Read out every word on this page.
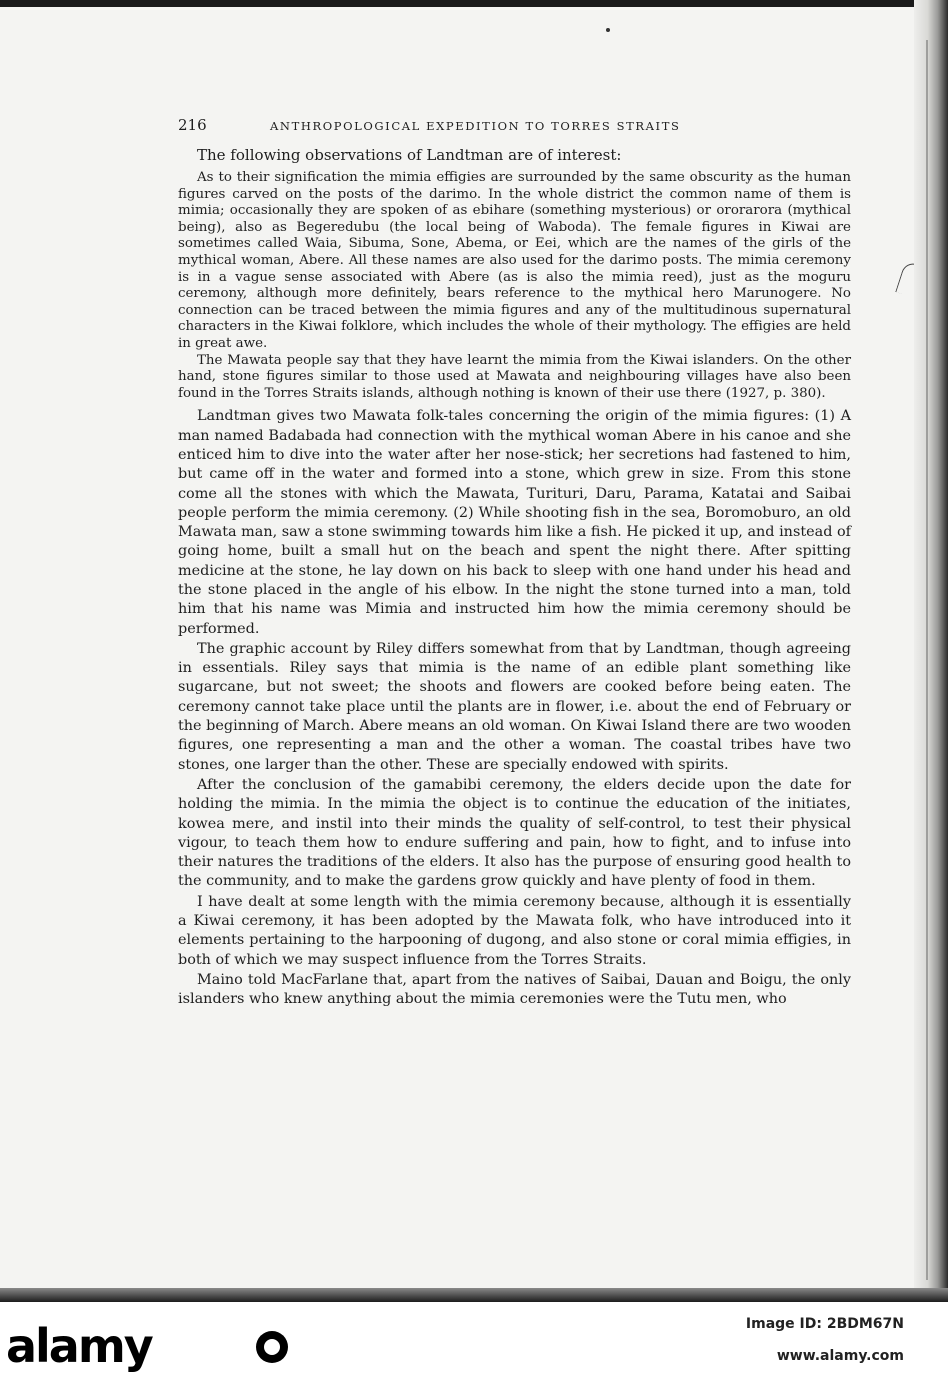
216	ANTHROPOLOGICAL EXPEDITION TO TORRES STRAITS
The following observations of Landtman are of interest:

As to their signification the mimia effigies are surrounded by the same obscurity as the human figures carved on the posts of the darimo. In the whole district the common name of them is mimia; occasionally they are spoken of as ebihare (something mysterious) or ororarora (mythical being), also as Begeredubu (the local being of Waboda). The female figures in Kiwai are sometimes called Waia, Sibuma, Sone, Abema, or Eei, which are the names of the girls of the mythical woman, Abere. All these names are also used for the darimo posts. The mimia ceremony is in a vague sense associated with Abere (as is also the mimia reed), just as the moguru ceremony, although more definitely, bears reference to the mythical hero Marunogere. No connection can be traced between the mimia figures and any of the multitudinous supernatural characters in the Kiwai folklore, which includes the whole of their mythology. The effigies are held in great awe.

The Mawata people say that they have learnt the mimia from the Kiwai islanders. On the other hand, stone figures similar to those used at Mawata and neighbouring villages have also been found in the Torres Straits islands, although nothing is known of their use there (1927, p. 380).

Landtman gives two Mawata folk-tales concerning the origin of the mimia figures: (1) A man named Badabada had connection with the mythical woman Abere in his canoe and she enticed him to dive into the water after her nose-stick; her secretions had fastened to him, but came off in the water and formed into a stone, which grew in size. From this stone come all the stones with which the Mawata, Turituri, Daru, Parama, Katatai and Saibai people perform the mimia ceremony. (2) While shooting fish in the sea, Boromoburo, an old Mawata man, saw a stone swimming towards him like a fish. He picked it up, and instead of going home, built a small hut on the beach and spent the night there. After spitting medicine at the stone, he lay down on his back to sleep with one hand under his head and the stone placed in the angle of his elbow. In the night the stone turned into a man, told him that his name was Mimia and instructed him how the mimia ceremony should be performed.

The graphic account by Riley differs somewhat from that by Landtman, though agreeing in essentials. Riley says that mimia is the name of an edible plant something like sugarcane, but not sweet; the shoots and flowers are cooked before being eaten. The ceremony cannot take place until the plants are in flower, i.e. about the end of February or the beginning of March. Abere means an old woman. On Kiwai Island there are two wooden figures, one representing a man and the other a woman. The coastal tribes have two stones, one larger than the other. These are specially endowed with spirits.

After the conclusion of the gamabibi ceremony, the elders decide upon the date for holding the mimia. In the mimia the object is to continue the education of the initiates, kowea mere, and instil into their minds the quality of self-control, to test their physical vigour, to teach them how to endure suffering and pain, how to fight, and to infuse into their natures the traditions of the elders. It also has the purpose of ensuring good health to the community, and to make the gardens grow quickly and have plenty of food in them.

I have dealt at some length with the mimia ceremony because, although it is essentially a Kiwai ceremony, it has been adopted by the Mawata folk, who have introduced into it elements pertaining to the harpooning of dugong, and also stone or coral mimia effigies, in both of which we may suspect influence from the Torres Straits.

Maino told MacFarlane that, apart from the natives of Saibai, Dauan and Boigu, the only islanders who knew anything about the mimia ceremonies were the Tutu men, who

alamy	Image ID: 2BDM67N
www.alamy.com
